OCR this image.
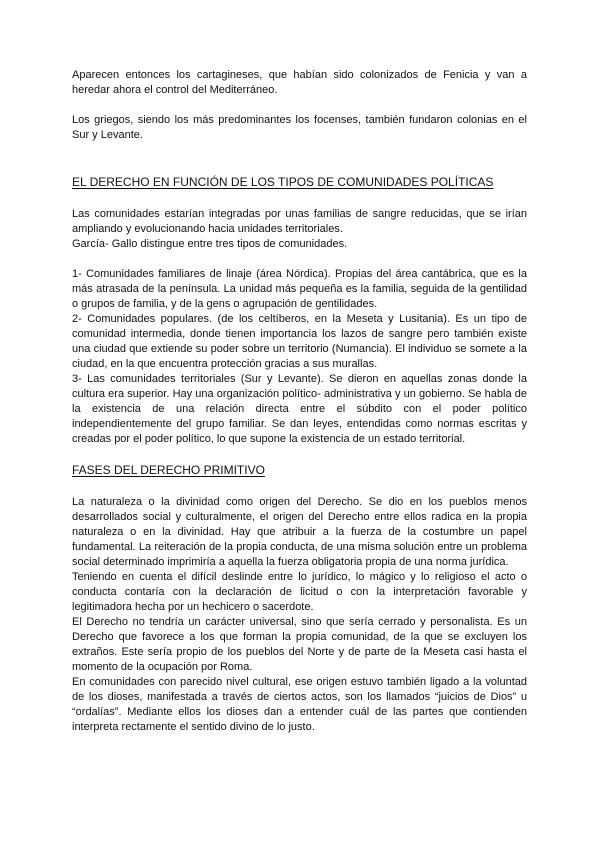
Aparecen entonces los cartagineses, que habían sido colonizados de Fenicia y van a heredar ahora el control del Mediterráneo.

Los griegos, siendo los más predominantes los focenses, también fundaron colonias en el Sur y Levante.

EL DERECHO EN FUNCIÓN DE LOS TIPOS DE COMUNIDADES POLÍTICAS

Las comunidades estarían integradas por unas familias de sangre reducidas, que se irían ampliando y evolucionando hacia unidades territoriales.

García- Gallo distingue entre tres tipos de comunidades.

1- Comunidades familiares de linaje (área Nórdica). Propias del área cantábrica, que es la más atrasada de la península. La unidad más pequeña es la familia, seguida de la gentilidad o grupos de familia, y de la gens o agrupación de gentilidades.

2- Comunidades populares. (de los celtíberos, en la Meseta y Lusitania). Es un tipo de comunidad intermedia, donde tienen importancia los lazos de sangre pero también existe una ciudad que extiende su poder sobre un territorio (Numancia). El individuo se somete a la ciudad, en la que encuentra protección gracias a sus murallas.

3- Las comunidades territoriales (Sur y Levante). Se dieron en aquellas zonas donde la cultura era superior. Hay una organización político- administrativa y un gobierno. Se habla de la existencia de una relación directa entre el súbdito con el poder político independientemente del grupo familiar. Se dan leyes, entendidas como normas escritas y creadas por el poder político, lo que supone la existencia de un estado territorial.

FASES DEL DERECHO PRIMITIVO

La naturaleza o la divinidad como origen del Derecho. Se dio en los pueblos menos desarrollados social y culturalmente, el origen del Derecho entre ellos radica en la propia naturaleza o en la divinidad. Hay que atribuir a la fuerza de la costumbre un papel fundamental. La reiteración de la propia conducta, de una misma solución entre un problema social determinado imprimiría a aquella la fuerza obligatoria propia de una norma jurídica.

Teniendo en cuenta el difícil deslinde entre lo jurídico, lo mágico y lo religioso el acto o conducta contaría con la declaración de licitud o con la interpretación favorable y legitimadora hecha por un hechicero o sacerdote.

El Derecho no tendría un carácter universal, sino que sería cerrado y personalista. Es un Derecho que favorece a los que forman la propia comunidad, de la que se excluyen los extraños. Este sería propio de los pueblos del Norte y de parte de la Meseta casi hasta el momento de la ocupación por Roma.

En comunidades con parecido nivel cultural, ese origen estuvo también ligado a la voluntad de los dioses, manifestada a través de ciertos actos, son los llamados “juicios de Dios” u “ordalías”. Mediante ellos los dioses dan a entender cuál de las partes que contienden interpreta rectamente el sentido divino de lo justo.
